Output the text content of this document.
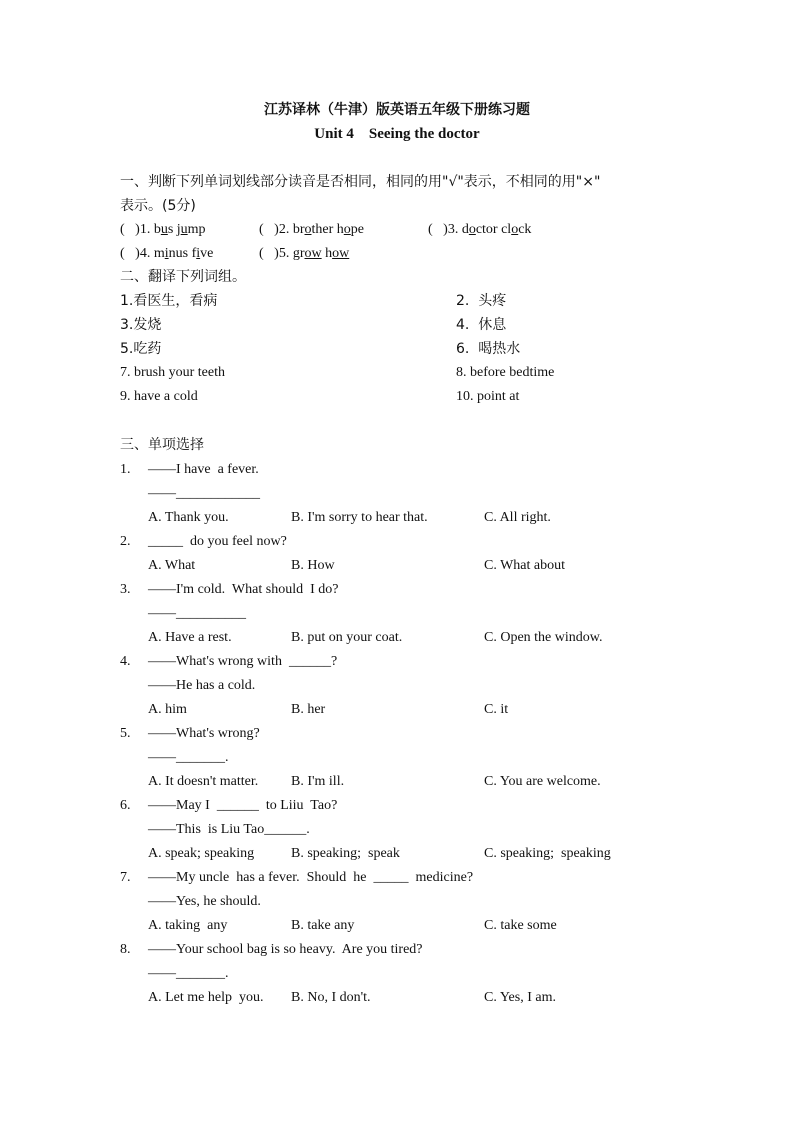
江苏译林（牛津）版英语五年级下册练习题
Unit 4　Seeing the doctor
一、判断下列单词划线部分读音是否相同，相同的用"√"表示，不相同的用"×"
表示。(5分)
(   )1. bus jump	(   )2. brother hope	(   )3. doctor clock
(   )4. minus five	(   )5. grow how
二、翻译下列词组。
1.看医生，看病	2.  头疼
3.发烧	4.  休息
5.吃药	6.  喝热水
7. brush your teeth	8. before bedtime
9. have a cold	10. point at
三、单项选择
1. ——I have  a fever.
——____________
A. Thank you.	B. I'm sorry to hear that.	C. All right.
2. _____  do you feel now?
A. What	B. How	C. What about
3. ——I'm cold.  What should  I do?
——__________
A. Have a rest.	B. put on your coat.	C. Open the window.
4. ——What's wrong with  ______?
——He has a cold.
A. him	B. her	C. it
5. ——What's wrong?
——_______.
A. It doesn't matter. B. I'm ill.	C. You are welcome.
6. ——May I  ______  to Liiu  Tao?
——This  is Liu Tao______.
A. speak; speaking	B. speaking;  speak	C. speaking;  speaking
7. ——My uncle  has a fever.  Should  he  _____  medicine?
——Yes, he should.
A. taking  any	B. take any	C. take some
8. ——Your school bag is so heavy.  Are you tired?
——_______.
A. Let me help  you. B. No, I don't.	C. Yes, I am.
